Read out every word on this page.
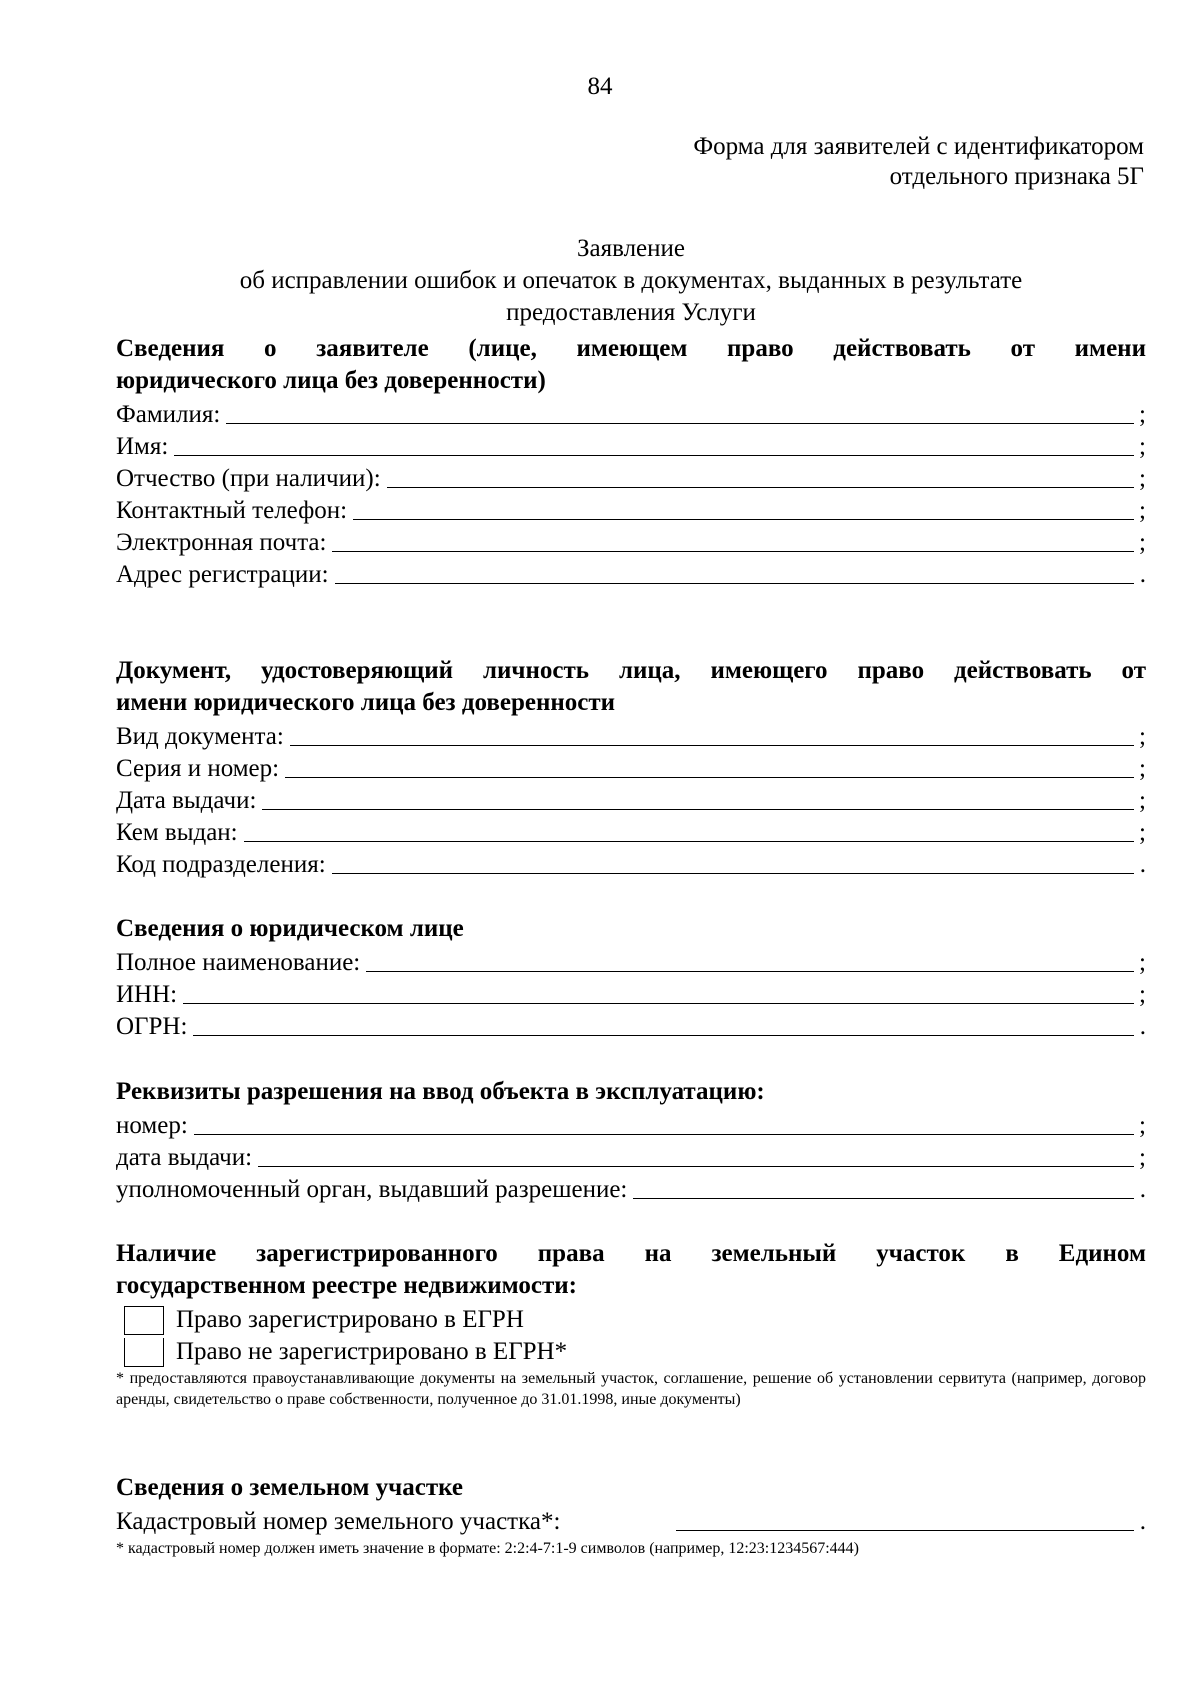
84
Форма для заявителей с идентификатором
отдельного признака 5Г
Заявление
об исправлении ошибок и опечаток в документах, выданных в результате
предоставления Услуги
Сведения о заявителе (лице, имеющем право действовать от имени
юридического лица без доверенности)
Фамилия:	;
Имя:	;
Отчество (при наличии):	;
Контактный телефон:	;
Электронная почта:	;
Адрес регистрации:	.
Документ, удостоверяющий личность лица, имеющего право действовать от
имени юридического лица без доверенности
Вид документа:	;
Серия и номер:	;
Дата выдачи:	;
Кем выдан:	;
Код подразделения:	.
Сведения о юридическом лице
Полное наименование:	;
ИНН:	;
ОГРН:	.
Реквизиты разрешения на ввод объекта в эксплуатацию:
номер:	;
дата выдачи:	;
уполномоченный орган, выдавший разрешение:	.
Наличие зарегистрированного права на земельный участок в Едином
государственном реестре недвижимости:
Право зарегистрировано в ЕГРН
Право не зарегистрировано в ЕГРН*
* предоставляются правоустанавливающие документы на земельный участок, соглашение, решение об установлении сервитута (например, договор аренды, свидетельство о праве собственности, полученное до 31.01.1998, иные документы)
Сведения о земельном участке
Кадастровый номер земельного участка*:	.
* кадастровый номер должен иметь значение в формате: 2:2:4-7:1-9 символов (например, 12:23:1234567:444)
